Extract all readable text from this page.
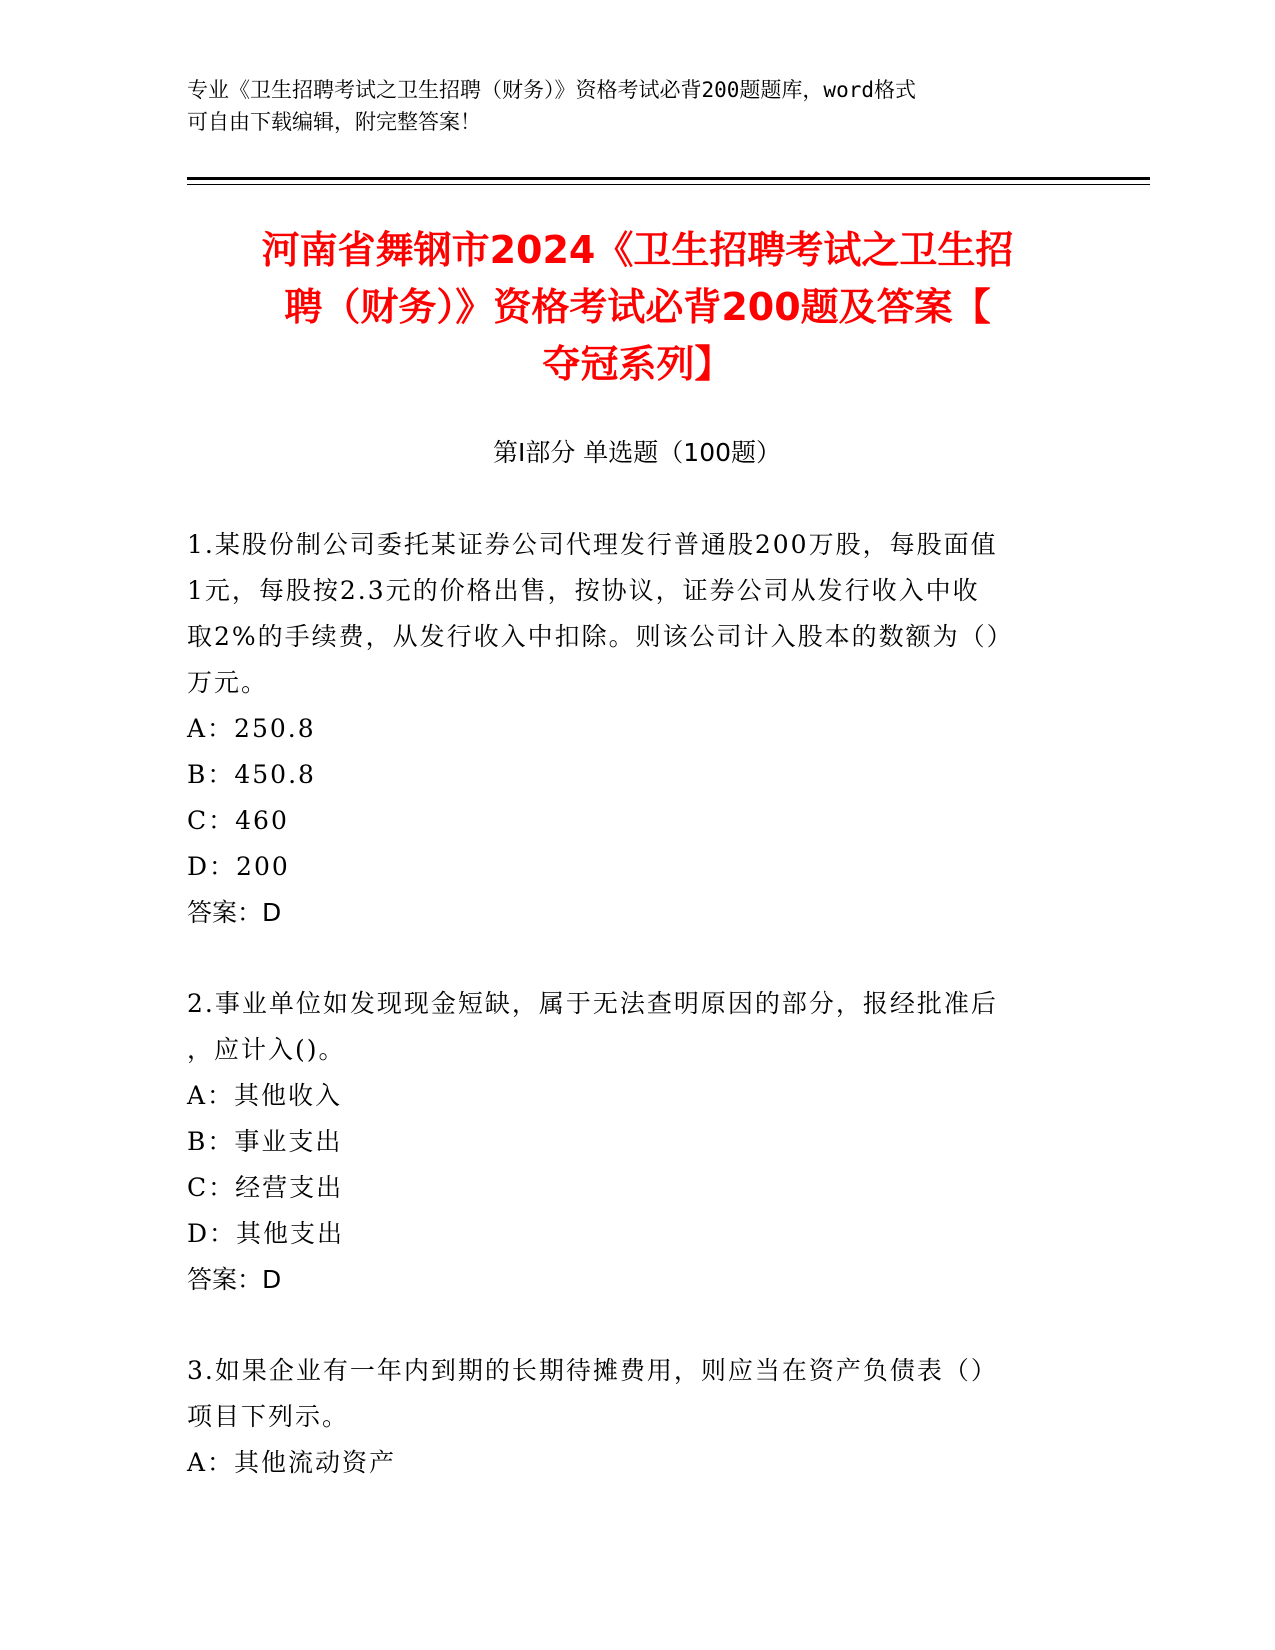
专业《卫生招聘考试之卫生招聘（财务）》资格考试必背200题题库，word格式
可自由下载编辑，附完整答案！
河南省舞钢市2024《卫生招聘考试之卫生招
聘（财务）》资格考试必背200题及答案【
夺冠系列】
第Ⅰ部分 单选题（100题）
1.某股份制公司委托某证券公司代理发行普通股200万股，每股面值
1元，每股按2.3元的价格出售，按协议，证券公司从发行收入中收
取2%的手续费，从发行收入中扣除。则该公司计入股本的数额为（）
万元。
A：250.8
B：450.8
C：460
D：200
答案：D
2.事业单位如发现现金短缺，属于无法查明原因的部分，报经批准后
，应计入()。
A：其他收入
B：事业支出
C：经营支出
D：其他支出
答案：D
3.如果企业有一年内到期的长期待摊费用，则应当在资产负债表（）
项目下列示。
A：其他流动资产
